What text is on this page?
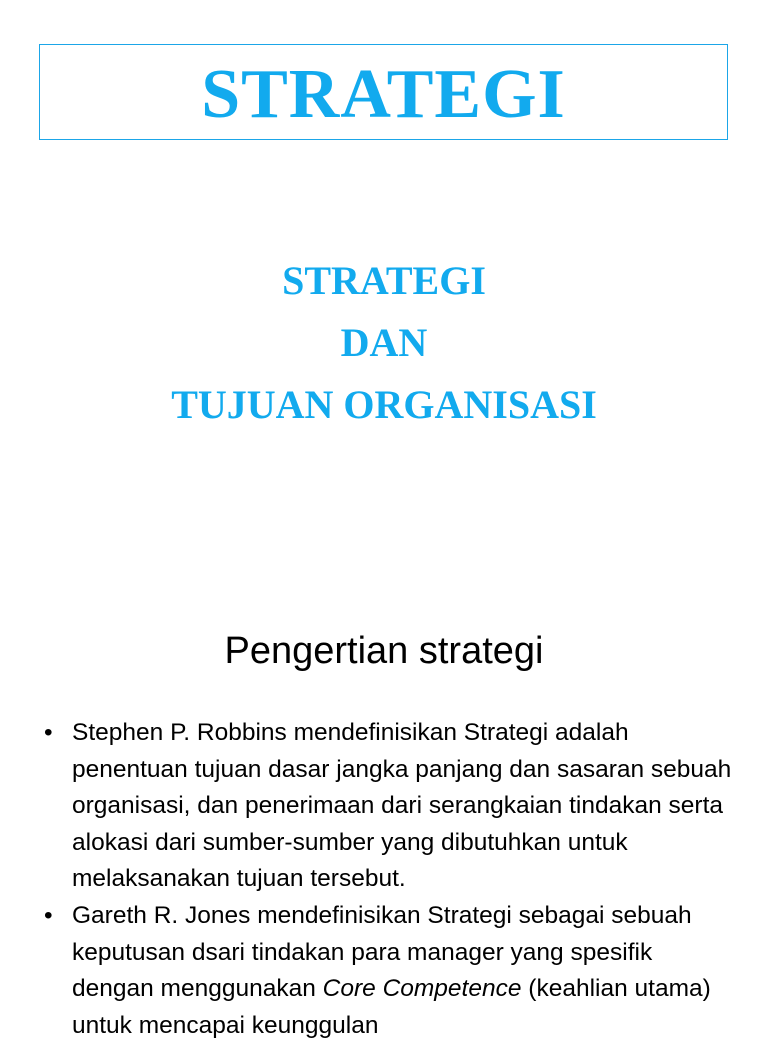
STRATEGI
STRATEGI
DAN
TUJUAN ORGANISASI
Pengertian strategi
• Stephen P. Robbins mendefinisikan Strategi adalah penentuan tujuan dasar jangka panjang dan sasaran sebuah organisasi, dan penerimaan dari serangkaian tindakan serta alokasi dari sumber-sumber yang dibutuhkan untuk melaksanakan tujuan tersebut.
• Gareth R. Jones mendefinisikan Strategi sebagai sebuah keputusan dsari tindakan para manager yang spesifik dengan menggunakan Core Competence (keahlian utama) untuk mencapai keunggulan
